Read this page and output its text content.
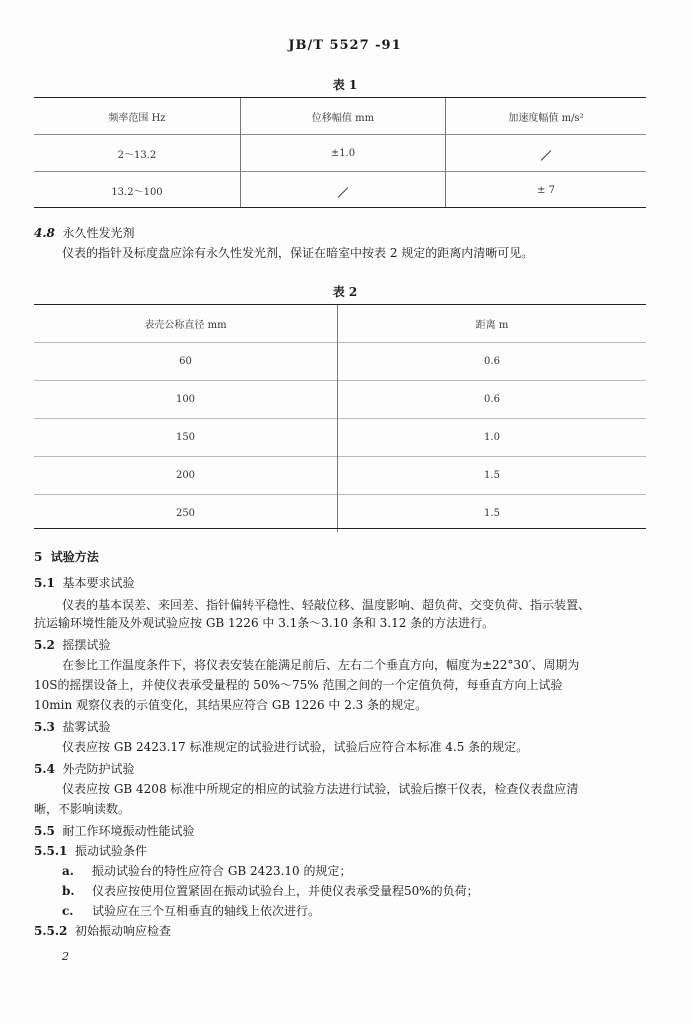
JB/T 5527 -91
表 1
频率范围 Hz	位移幅值 mm	加速度幅值 m/s²
2～13.2	±1.0	
13.2～100		± 7
4.8 永久性发光剂
仪表的指针及标度盘应涂有永久性发光剂，保证在暗室中按表 2 规定的距离内清晰可见。
表 2
表壳公称直径 mm	距离 m
60	0.6
100	0.6
150	1.0
200	1.5
250	1.5
5 试验方法
5.1 基本要求试验
仪表的基本误差、来回差、指针偏转平稳性、轻敲位移、温度影响、超负荷、交变负荷、指示装置、
抗运输环境性能及外观试验应按 GB 1226 中 3.1条～3.10 条和 3.12 条的方法进行。
5.2 摇摆试验
在参比工作温度条件下，将仪表安装在能满足前后、左右二个垂直方向，幅度为±22°30′、周期为
10S的摇摆设备上，并使仪表承受量程的 50%～75% 范围之间的一个定值负荷，每垂直方向上试验
10min 观察仪表的示值变化，其结果应符合 GB 1226 中 2.3 条的规定。
5.3 盐雾试验
仪表应按 GB 2423.17 标准规定的试验进行试验，试验后应符合本标准 4.5 条的规定。
5.4 外壳防护试验
仪表应按 GB 4208 标准中所规定的相应的试验方法进行试验，试验后擦干仪表，检查仪表盘应清
晰，不影响读数。
5.5 耐工作环境振动性能试验
5.5.1 振动试验条件
a. 振动试验台的特性应符合 GB 2423.10 的规定；
b. 仪表应按使用位置紧固在振动试验台上，并使仪表承受量程50%的负荷；
c. 试验应在三个互相垂直的轴线上依次进行。
5.5.2 初始振动响应检查
2
